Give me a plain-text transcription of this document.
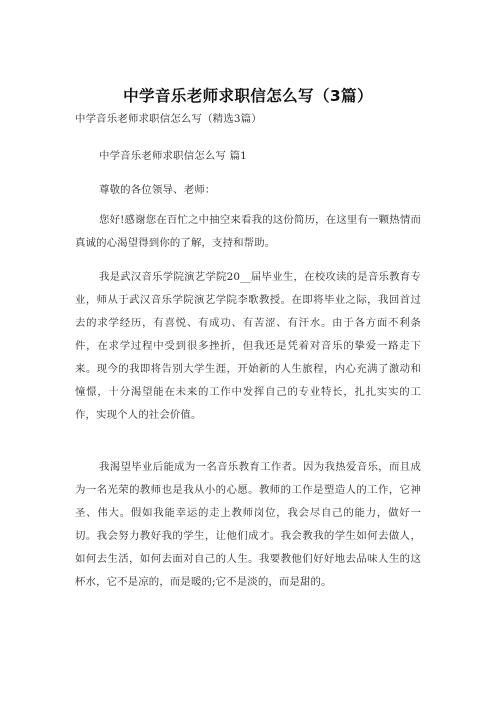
中学音乐老师求职信怎么写（3篇）

中学音乐老师求职信怎么写（精选3篇）

中学音乐老师求职信怎么写 篇1

尊敬的各位领导、老师：

您好!感谢您在百忙之中抽空来看我的这份简历，在这里有一颗热情而真诚的心渴望得到你的了解，支持和帮助。

我是武汉音乐学院演艺学院20__届毕业生，在校攻读的是音乐教育专业，师从于武汉音乐学院演艺学院李歌教授。在即将毕业之际，我回首过去的求学经历，有喜悦、有成功、有苦涩、有汗水。由于各方面不利条件，在求学过程中受到很多挫折，但我还是凭着对音乐的挚爱一路走下来。现今的我即将告别大学生涯，开始新的人生旅程，内心充满了激动和憧憬，十分渴望能在未来的工作中发挥自己的专业特长，扎扎实实的工作，实现个人的社会价值。

我渴望毕业后能成为一名音乐教育工作者。因为我热爱音乐，而且成为一名光荣的教师也是我从小的心愿。教师的工作是塑造人的工作，它神圣、伟大。假如我能幸运的走上教师岗位，我会尽自己的能力，做好一切。我会努力教好我的学生，让他们成才。我会教我的学生如何去做人，如何去生活，如何去面对自己的人生。我要教他们好好地去品味人生的这杯水，它不是凉的，而是暖的;它不是淡的，而是甜的。
